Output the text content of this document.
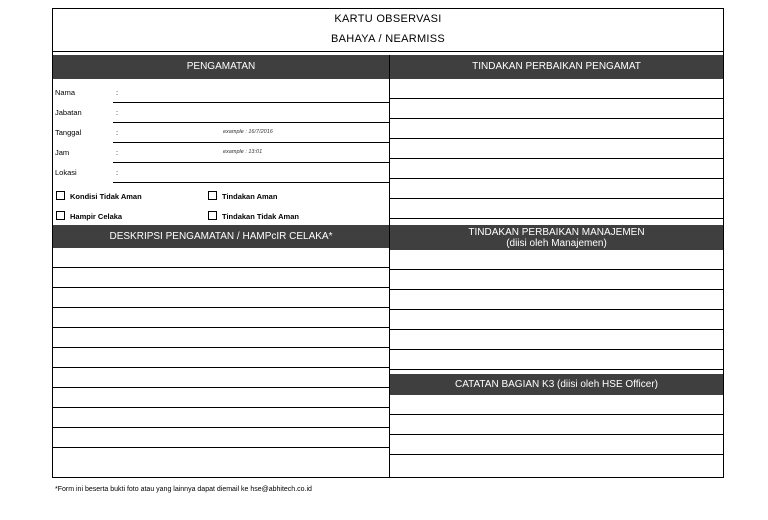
KARTU OBSERVASI
BAHAYA / NEARMISS
PENGAMATAN
Nama	:
Jabatan	:
Tanggal	:	example : 16/7/2016
Jam	:	example : 13:01
Lokasi	:
Kondisi Tidak Aman	Tindakan Aman
Hampir Celaka	Tindakan Tidak Aman
DESKRIPSI PENGAMATAN / HAMPcIR CELAKA*
TINDAKAN PERBAIKAN PENGAMAT
TINDAKAN PERBAIKAN MANAJEMEN
(diisi oleh Manajemen)
CATATAN BAGIAN K3 (diisi oleh HSE Officer)
*Form ini beserta bukti foto atau yang lainnya dapat diemail ke hse@abhitech.co.id
